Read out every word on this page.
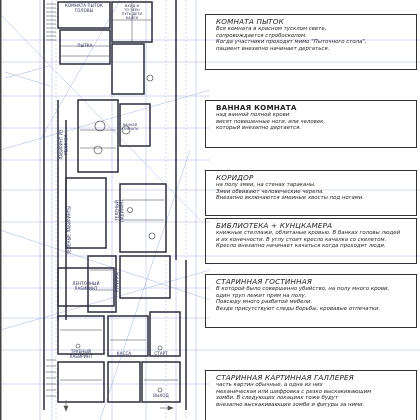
КОМНАТА ПЫТОК
ГОЛОВЫ
ВХОД И
ТО ЧЕЕН
ПУТЬ ДЕТИ
КАЛЕН
ПЫТКА
ВАННАЯ
КОМНАТА
ЛАБИРИНТ ИЗ
РЕЗИНОК
ЗЕЛЕНЫЙ
ЛАБИРИНТ
ЗЕЛЕНЫЕ ЛАБИРИНТЫ
КУРИЛКА
ЛЕНТОЧНЫЙ
ЛАБИРИНТ
ТРУБНЫЙ
ЛАБИРИНТ
КАССА	СТАРТ
ВЫХОД
КОМНАТА ПЫТОК
Вся комната в красном тусклом свете,
сопровождается стробоскопом.
Когда участники проходят мимо "Пыточного стола",
пациент внезапно начинает дергаться.
ВАННАЯ КОМНАТА
над ванной полной крови
висят повешенные ноги, или человек,
который внезапно дергается.
КОРИДОР
на полу змеи, на стенах тараканы.
Змеи обвивают человеческие черепа.
Внезапно включаются змеиные хвосты под ногами.
БИБЛИОТЕКА + КУНЦКАМЕРА
книжные стеллажи, облитаные кровью. В банках головы людей
и их конечности. В углу стоит кресло качалка со скелетом.
Кресло внезапно начинает качаться когда проходят люди.
СТАРИННАЯ ГОСТИННАЯ
В которой было совершенно убийство, на полу много крови,
один труп лежит прям на полу.
Повсюду много разбитой мебели.
Везде присутствуют следы борьбы, кровавые отпечатки.
СТАРИННАЯ КАРТИННАЯ ГАЛЛЕРЕЯ
часть картин обычные, а одна из них
механическая или шифровка с резко выскакивающим
зомби. В следующих локациях тоже будут
внезапно выскакивающие зомби и фигуры за ними.
